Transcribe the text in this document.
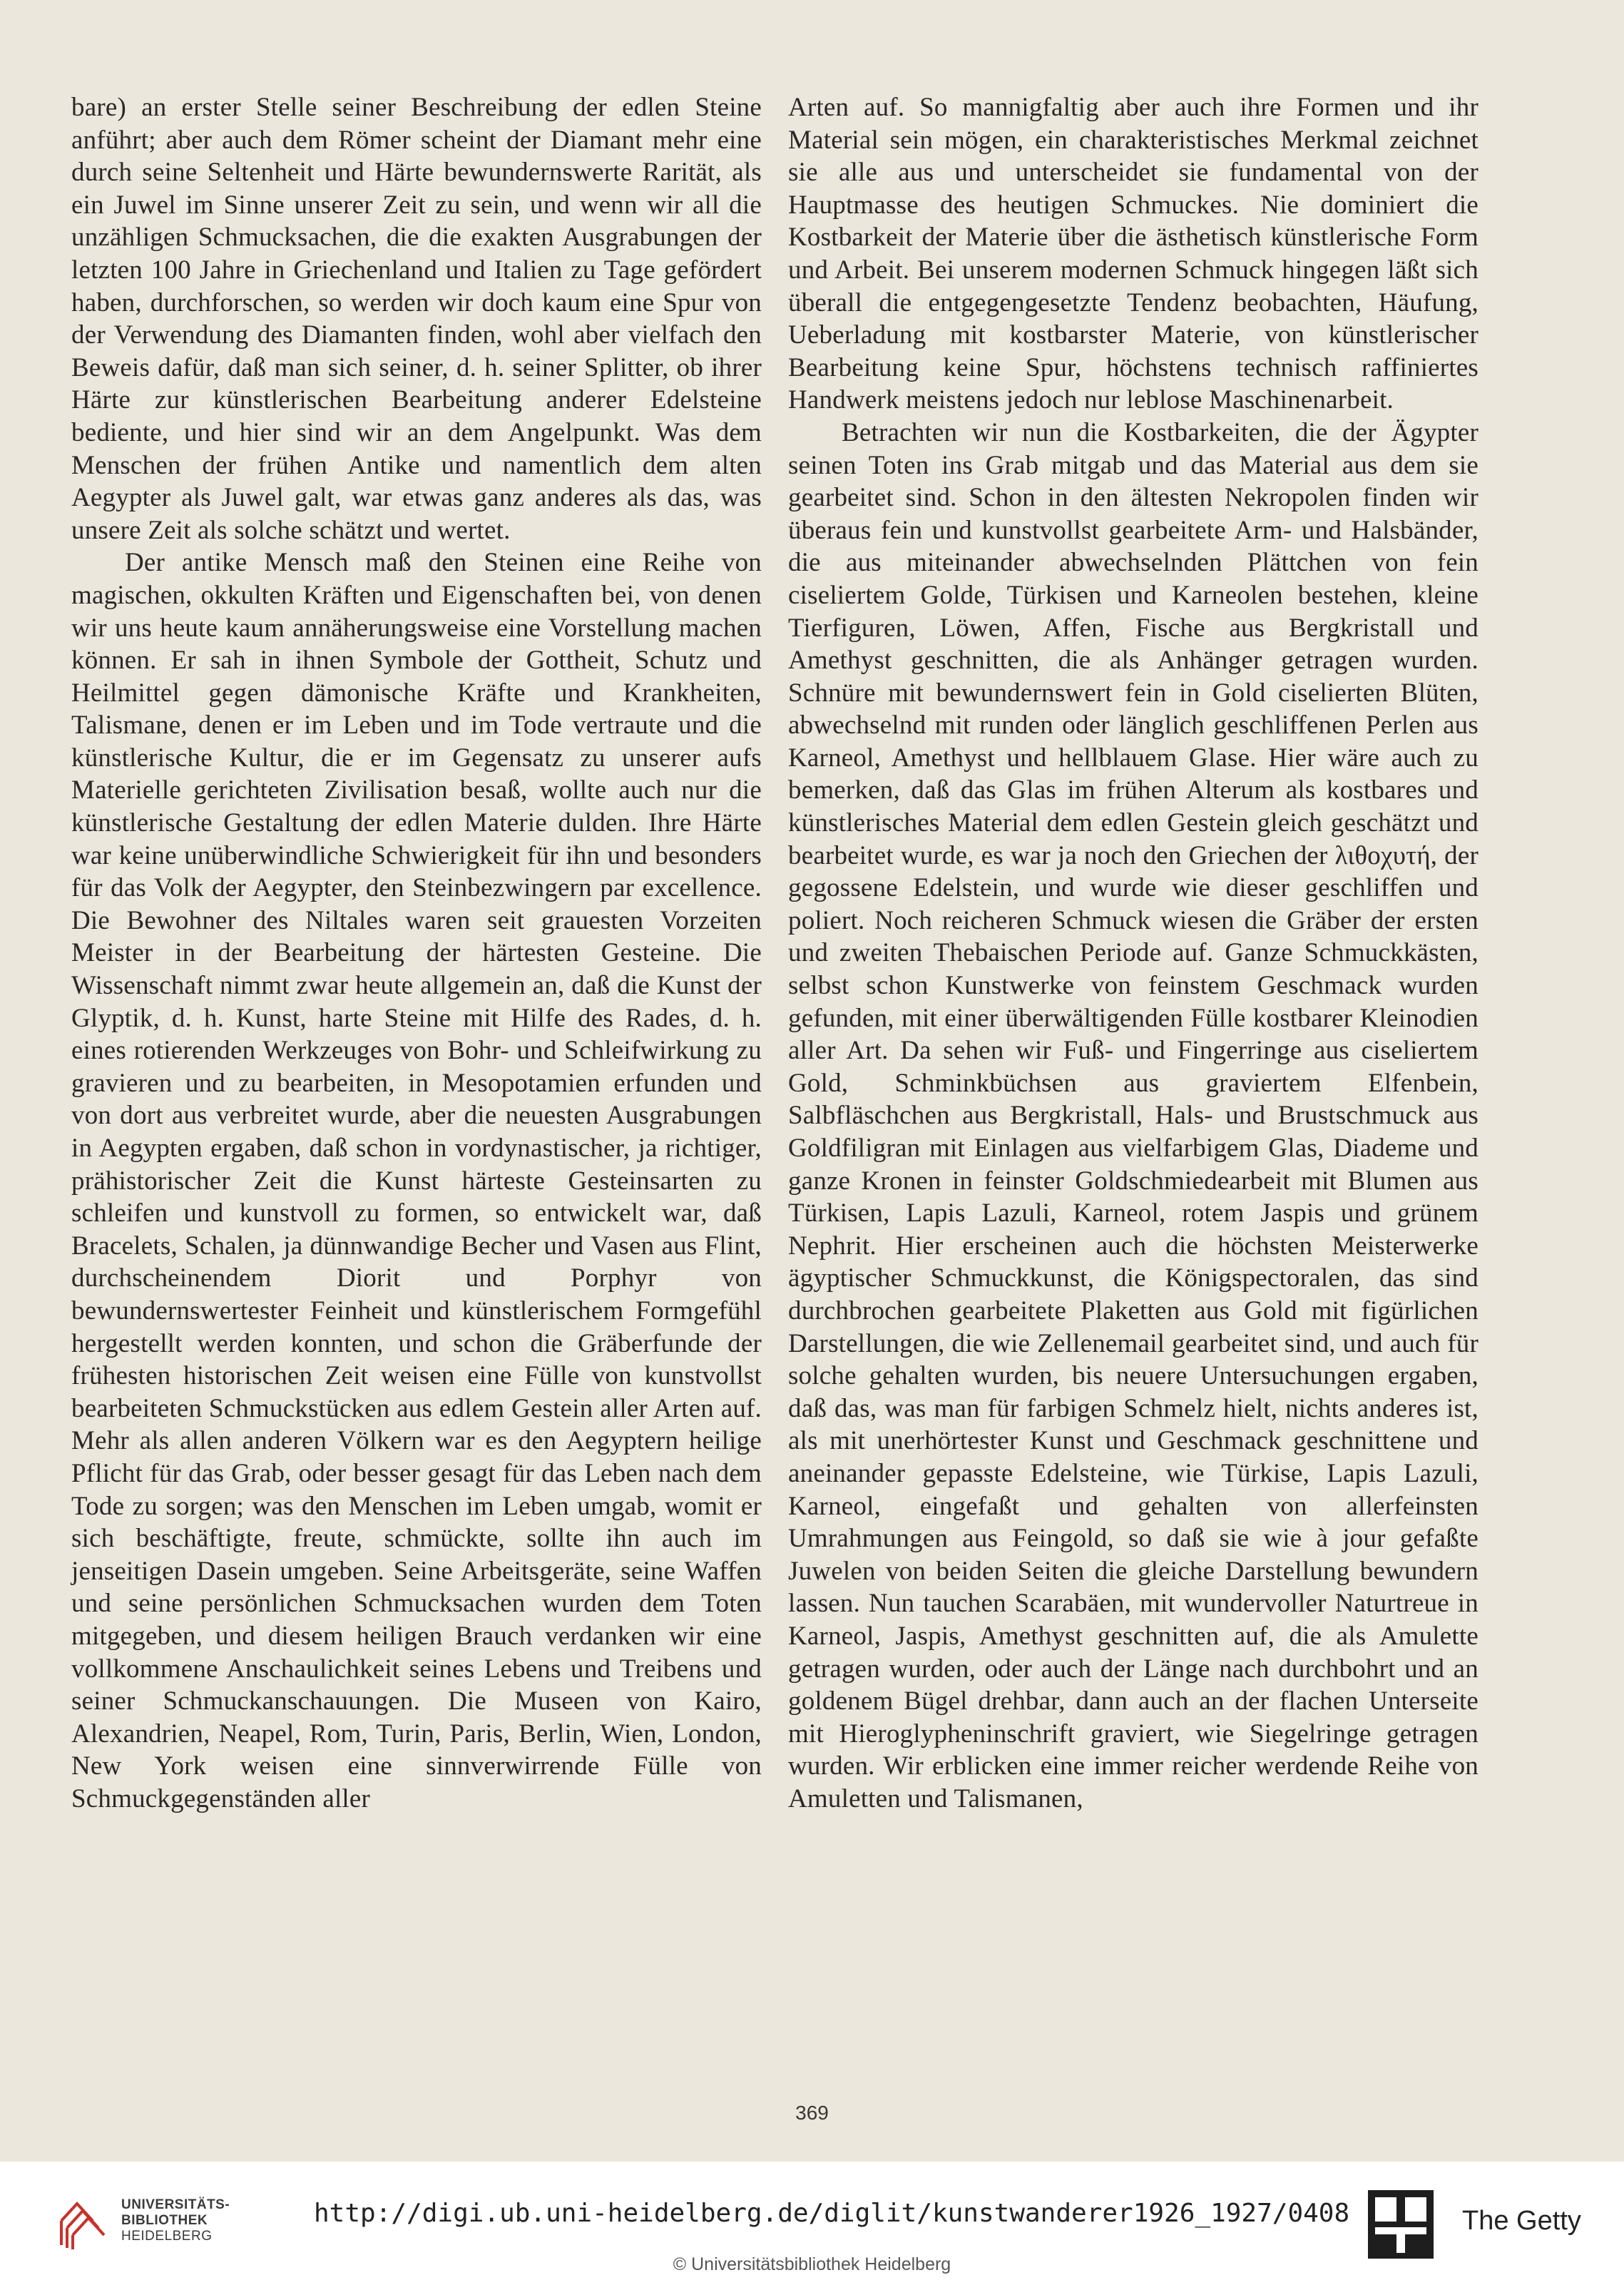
bare) an erster Stelle seiner Beschreibung der edlen Steine anführt; aber auch dem Römer scheint der Diamant mehr eine durch seine Seltenheit und Härte bewundernswerte Rarität, als ein Juwel im Sinne unserer Zeit zu sein, und wenn wir all die unzähligen Schmucksachen, die die exakten Ausgrabungen der letzten 100 Jahre in Griechenland und Italien zu Tage gefördert haben, durchforschen, so werden wir doch kaum eine Spur von der Verwendung des Diamanten finden, wohl aber vielfach den Beweis dafür, daß man sich seiner, d. h. seiner Splitter, ob ihrer Härte zur künstlerischen Bearbeitung anderer Edelsteine bediente, und hier sind wir an dem Angelpunkt. Was dem Menschen der frühen Antike und namentlich dem alten Aegypter als Juwel galt, war etwas ganz anderes als das, was unsere Zeit als solche schätzt und wertet.

Der antike Mensch maß den Steinen eine Reihe von magischen, okkulten Kräften und Eigenschaften bei, von denen wir uns heute kaum annäherungsweise eine Vorstellung machen können. Er sah in ihnen Symbole der Gottheit, Schutz und Heilmittel gegen dämonische Kräfte und Krankheiten, Talismane, denen er im Leben und im Tode vertraute und die künstlerische Kultur, die er im Gegensatz zu unserer aufs Materielle gerichteten Zivilisation besaß, wollte auch nur die künstlerische Gestaltung der edlen Materie dulden. Ihre Härte war keine unüberwindliche Schwierigkeit für ihn und besonders für das Volk der Aegypter, den Steinbezwingern par excellence. Die Bewohner des Niltales waren seit grauesten Vorzeiten Meister in der Bearbeitung der härtesten Gesteine. Die Wissenschaft nimmt zwar heute allgemein an, daß die Kunst der Glyptik, d. h. Kunst, harte Steine mit Hilfe des Rades, d. h. eines rotierenden Werkzeuges von Bohr- und Schleifwirkung zu gravieren und zu bearbeiten, in Mesopotamien erfunden und von dort aus verbreitet wurde, aber die neuesten Ausgrabungen in Aegypten ergaben, daß schon in vordynastischer, ja richtiger, prähistorischer Zeit die Kunst härteste Gesteinsarten zu schleifen und kunstvoll zu formen, so entwickelt war, daß Bracelets, Schalen, ja dünnwandige Becher und Vasen aus Flint, durchscheinendem Diorit und Porphyr von bewundernswertester Feinheit und künstlerischem Formgefühl hergestellt werden konnten, und schon die Gräberfunde der frühesten historischen Zeit weisen eine Fülle von kunstvollst bearbeiteten Schmuckstücken aus edlem Gestein aller Arten auf. Mehr als allen anderen Völkern war es den Aegyptern heilige Pflicht für das Grab, oder besser gesagt für das Leben nach dem Tode zu sorgen; was den Menschen im Leben umgab, womit er sich beschäftigte, freute, schmückte, sollte ihn auch im jenseitigen Dasein umgeben. Seine Arbeitsgeräte, seine Waffen und seine persönlichen Schmucksachen wurden dem Toten mitgegeben, und diesem heiligen Brauch verdanken wir eine vollkommene Anschaulichkeit seines Lebens und Treibens und seiner Schmuckanschauungen. Die Museen von Kairo, Alexandrien, Neapel, Rom, Turin, Paris, Berlin, Wien, London, New York weisen eine sinnverwirrende Fülle von Schmuckgegenständen aller

Arten auf. So mannigfaltig aber auch ihre Formen und ihr Material sein mögen, ein charakteristisches Merkmal zeichnet sie alle aus und unterscheidet sie fundamental von der Hauptmasse des heutigen Schmuckes. Nie dominiert die Kostbarkeit der Materie über die ästhetisch künstlerische Form und Arbeit. Bei unserem modernen Schmuck hingegen läßt sich überall die entgegengesetzte Tendenz beobachten, Häufung, Ueberladung mit kostbarster Materie, von künstlerischer Bearbeitung keine Spur, höchstens technisch raffiniertes Handwerk meistens jedoch nur leblose Maschinenarbeit.

Betrachten wir nun die Kostbarkeiten, die der Ägypter seinen Toten ins Grab mitgab und das Material aus dem sie gearbeitet sind. Schon in den ältesten Nekropolen finden wir überaus fein und kunstvollst gearbeitete Arm- und Halsbänder, die aus miteinander abwechselnden Plättchen von fein ciseliertem Golde, Türkisen und Karneolen bestehen, kleine Tierfiguren, Löwen, Affen, Fische aus Bergkristall und Amethyst geschnitten, die als Anhänger getragen wurden. Schnüre mit bewundernswert fein in Gold ciselierten Blüten, abwechselnd mit runden oder länglich geschliffenen Perlen aus Karneol, Amethyst und hellblauem Glase. Hier wäre auch zu bemerken, daß das Glas im frühen Alterum als kostbares und künstlerisches Material dem edlen Gestein gleich geschätzt und bearbeitet wurde, es war ja noch den Griechen der λιθοχυτή, der gegossene Edelstein, und wurde wie dieser geschliffen und poliert. Noch reicheren Schmuck wiesen die Gräber der ersten und zweiten Thebaischen Periode auf. Ganze Schmuckkästen, selbst schon Kunstwerke von feinstem Geschmack wurden gefunden, mit einer überwältigenden Fülle kostbarer Kleinodien aller Art. Da sehen wir Fuß- und Fingerringe aus ciseliertem Gold, Schminkbüchsen aus graviertem Elfenbein, Salbfläschchen aus Bergkristall, Hals- und Brustschmuck aus Goldfiligran mit Einlagen aus vielfarbigem Glas, Diademe und ganze Kronen in feinster Goldschmiedearbeit mit Blumen aus Türkisen, Lapis Lazuli, Karneol, rotem Jaspis und grünem Nephrit. Hier erscheinen auch die höchsten Meisterwerke ägyptischer Schmuckkunst, die Königspectoralen, das sind durchbrochen gearbeitete Plaketten aus Gold mit figürlichen Darstellungen, die wie Zellenemail gearbeitet sind, und auch für solche gehalten wurden, bis neuere Untersuchungen ergaben, daß das, was man für farbigen Schmelz hielt, nichts anderes ist, als mit unerhörtester Kunst und Geschmack geschnittene und aneinander gepasste Edelsteine, wie Türkise, Lapis Lazuli, Karneol, eingefaßt und gehalten von allerfeinsten Umrahmungen aus Feingold, so daß sie wie à jour gefaßte Juwelen von beiden Seiten die gleiche Darstellung bewundern lassen. Nun tauchen Scarabäen, mit wundervoller Naturtreue in Karneol, Jaspis, Amethyst geschnitten auf, die als Amulette getragen wurden, oder auch der Länge nach durchbohrt und an goldenem Bügel drehbar, dann auch an der flachen Unterseite mit Hieroglypheninschrift graviert, wie Siegelringe getragen wurden. Wir erblicken eine immer reicher werdende Reihe von Amuletten und Talismanen,

369
UNIVERSITÄTS-
BIBLIOTHEK
HEIDELBERG
http://digi.ub.uni-heidelberg.de/diglit/kunstwanderer1926_1927/0408
© Universitätsbibliothek Heidelberg
The Getty
